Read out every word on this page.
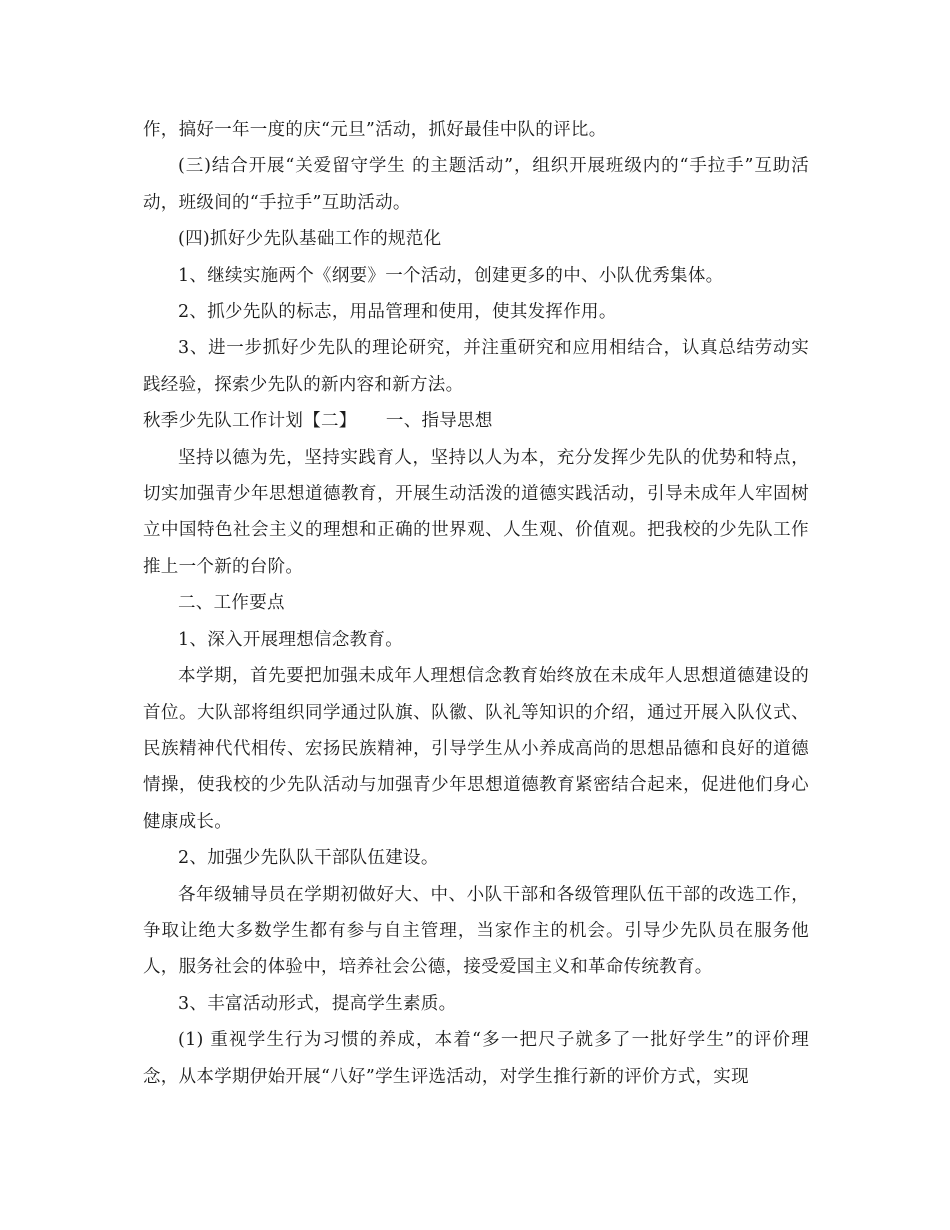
作，搞好一年一度的庆“元旦”活动，抓好最佳中队的评比。

(三)结合开展“关爱留守学生 的主题活动”，组织开展班级内的“手拉手”互助活动，班级间的“手拉手”互助活动。

(四)抓好少先队基础工作的规范化

1、继续实施两个《纲要》一个活动，创建更多的中、小队优秀集体。

2、抓少先队的标志，用品管理和使用，使其发挥作用。

3、进一步抓好少先队的理论研究，并注重研究和应用相结合，认真总结劳动实践经验，探索少先队的新内容和新方法。

秋季少先队工作计划【二】     一、指导思想

坚持以德为先，坚持实践育人，坚持以人为本，充分发挥少先队的优势和特点，切实加强青少年思想道德教育，开展生动活泼的道德实践活动，引导未成年人牢固树立中国特色社会主义的理想和正确的世界观、人生观、价值观。把我校的少先队工作推上一个新的台阶。

二、工作要点

1、深入开展理想信念教育。

本学期，首先要把加强未成年人理想信念教育始终放在未成年人思想道德建设的首位。大队部将组织同学通过队旗、队徽、队礼等知识的介绍，通过开展入队仪式、民族精神代代相传、宏扬民族精神，引导学生从小养成高尚的思想品德和良好的道德情操，使我校的少先队活动与加强青少年思想道德教育紧密结合起来，促进他们身心健康成长。

2、加强少先队队干部队伍建设。

各年级辅导员在学期初做好大、中、小队干部和各级管理队伍干部的改选工作，争取让绝大多数学生都有参与自主管理，当家作主的机会。引导少先队员在服务他人，服务社会的体验中，培养社会公德，接受爱国主义和革命传统教育。

3、丰富活动形式，提高学生素质。

(1) 重视学生行为习惯的养成，本着“多一把尺子就多了一批好学生”的评价理念，从本学期伊始开展“八好”学生评选活动，对学生推行新的评价方式，实现
